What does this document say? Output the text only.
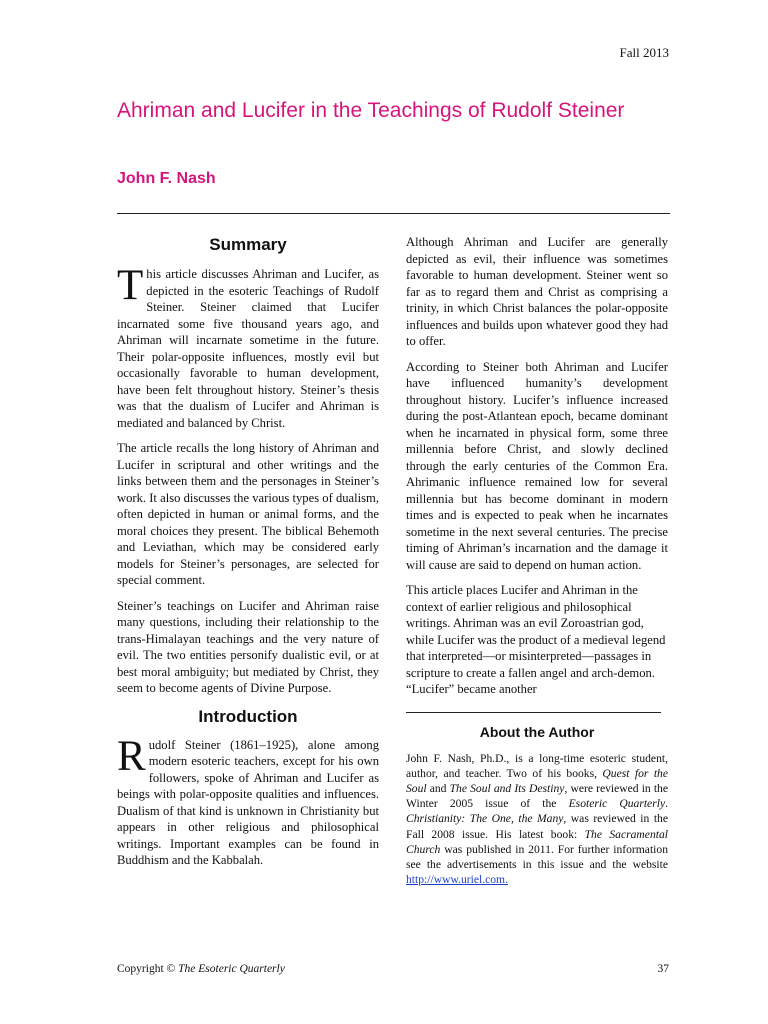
Fall 2013
Ahriman and Lucifer in the Teachings of Rudolf Steiner
John F. Nash
Summary

This article discusses Ahriman and Lucifer, as depicted in the esoteric Teachings of Rudolf Steiner. Steiner claimed that Lucifer incarnated some five thousand years ago, and Ahriman will incarnate sometime in the future. Their polar-opposite influences, mostly evil but occasionally favorable to human development, have been felt throughout history. Steiner’s thesis was that the dualism of Lucifer and Ahriman is mediated and balanced by Christ.

The article recalls the long history of Ahriman and Lucifer in scriptural and other writings and the links between them and the personages in Steiner’s work. It also discusses the various types of dualism, often depicted in human or animal forms, and the moral choices they present. The biblical Behemoth and Leviathan, which may be considered early models for Steiner’s personages, are selected for special comment.

Steiner’s teachings on Lucifer and Ahriman raise many questions, including their relationship to the trans-Himalayan teachings and the very nature of evil. The two entities personify dualistic evil, or at best moral ambiguity; but mediated by Christ, they seem to become agents of Divine Purpose.

Introduction

Rudolf Steiner (1861–1925), alone among modern esoteric teachers, except for his own followers, spoke of Ahriman and Lucifer as beings with polar-opposite qualities and influences. Dualism of that kind is unknown in Christianity but appears in other religious and philosophical writings. Important examples can be found in Buddhism and the Kabbalah.

Although Ahriman and Lucifer are generally depicted as evil, their influence was sometimes favorable to human development. Steiner went so far as to regard them and Christ as comprising a trinity, in which Christ balances the polar-opposite influences and builds upon whatever good they had to offer.

According to Steiner both Ahriman and Lucifer have influenced humanity’s development throughout history. Lucifer’s influence increased during the post-Atlantean epoch, became dominant when he incarnated in physical form, some three millennia before Christ, and slowly declined through the early centuries of the Common Era. Ahrimanic influence remained low for several millennia but has become dominant in modern times and is expected to peak when he incarnates sometime in the next several centuries. The precise timing of Ahriman’s incarnation and the damage it will cause are said to depend on human action.

This article places Lucifer and Ahriman in the context of earlier religious and philosophical writings. Ahriman was an evil Zoroastrian god, while Lucifer was the product of a medieval legend that interpreted—or misinterpreted—passages in scripture to create a fallen angel and arch-demon. “Lucifer” became another

About the Author

John F. Nash, Ph.D., is a long-time esoteric student, author, and teacher. Two of his books, Quest for the Soul and The Soul and Its Destiny, were reviewed in the Winter 2005 issue of the Esoteric Quarterly. Christianity: The One, the Many, was reviewed in the Fall 2008 issue. His latest book: The Sacramental Church was published in 2011. For further information see the advertisements in this issue and the website http://www.uriel.com.

Copyright © The Esoteric Quarterly	37
